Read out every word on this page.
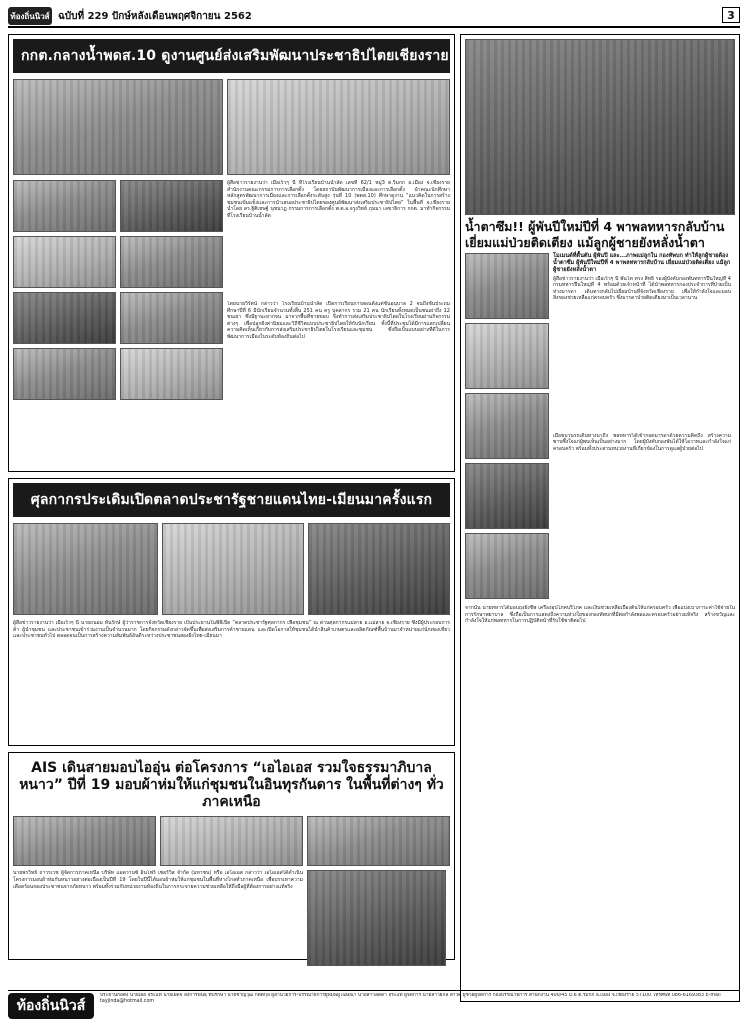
ท้องถิ่นนิวส์ ฉบับที่ 229 ปักษ์หลังเดือนพฤศจิกายน 2562	3
กกต.กลางน้ำพดส.10 ดูงานศูนย์ส่งเสริมพัฒนาประชาธิปไตยเชียงราย

ผู้สื่อข่าวรายงานว่า เมื่อเร็วๆ นี้ ที่โรงเรียนบ้านน้ำลัด เลขที่ 62/1 หมู่3 ต.ริมกก อ.เมือง จ.เชียงราย สำนักงานคณะกรรมการการเลือกตั้ง โดยสถาบันพัฒนาการเมืองและการเลือกตั้ง นำคณะนักศึกษาหลักสูตรพัฒนาการเมืองและการเลือกตั้งระดับสูง รุ่นที่ 10 (พตส.10) ศึกษาดูงาน “แนวคิดในการสร้างชุมชนเข้มแข็งและการนำเสนอประชาธิปไตยของศูนย์พัฒนาส่งเสริมประชาธิปไตย” ในพื้นที่ จ.เชียงราย นำโดย ดร.ฐิติเชษฐ์ นุชนาฏ กรรมการการเลือกตั้ง พ.ต.อ.จรูงวิทย์ ภุมมา เลขาธิการ กกต. มาทำกิจกรรมที่โรงเรียนบ้านน้ำลัด

โดยนายวิรัตน์ กล่าวว่า โรงเรียนบ้านน้ำลัด เปิดการเรียนการสอนตั้งแต่ชั้นอนุบาล 2 จนถึงชั้นประถมศึกษาปีที่ 6 มีนักเรียนจำนวนทั้งสิ้น 251 คน ครู บุคลากร รวม 21 คน นักเรียนทั้งหมดเป็นชนเผ่าถึง 12 ชนเผ่า ซึ่งมีฐานะยากจน มาจากพื้นที่ชายขอบ จึงทำการส่งเสริมประชาธิปไตยในโรงเรียนผ่านกิจกรรมต่างๆ เพื่อปลูกฝังค่านิยมและวิถีชีวิตแบบประชาธิปไตยให้กับนักเรียน ทั้งนี้ที่ประชุมได้มีการแลกเปลี่ยนความคิดเห็นเกี่ยวกับการส่งเสริมประชาธิปไตยในโรงเรียนและชุมชน ซึ่งถือเป็นแบบอย่างที่ดีในการพัฒนาการเมืองในระดับท้องถิ่นต่อไป

ศุลกากรประเดิมเปิดตลาดประชารัฐชายแดนไทย-เมียนมาครั้งแรก

ผู้สื่อข่าวรายงานว่า เมื่อเร็วๆ นี้ นายถนอม ทันรักษ์ ผู้ว่าราชการจังหวัดเชียงราย เป็นประธานในพิธีเปิด “ตลาดประชารัฐศุลกากร เพื่อชุมชน” ณ ด่านศุลกากรแม่สาย อ.แม่สาย จ.เชียงราย ซึ่งมีผู้ประกอบการค้า ผู้นำชุมชน และประชาชนเข้าร่วมงานเป็นจำนวนมาก โดยกิจกรรมดังกล่าวจัดขึ้นเพื่อส่งเสริมการค้าชายแดน และเปิดโอกาสให้ชุมชนได้นำสินค้าเกษตรและผลิตภัณฑ์พื้นบ้านมาจำหน่ายแก่นักท่องเที่ยวและประชาชนทั่วไป ตลอดจนเป็นการสร้างความสัมพันธ์อันดีระหว่างประชาชนสองฝั่งไทย-เมียนมา

AIS เดินสายมอบไออุ่น ต่อโครงการ “เอไอเอส รวมใจธรรมาภิบาลหนาว” ปีที่ 19 มอบผ้าห่มให้แก่ชุมชนในอินทุรกันดาร ในพื้นที่ต่างๆ ทั่วภาคเหนือ

นายพรวิทย์ ถาวรเวช ผู้จัดการภาคเหนือ บริษัท แอดวานซ์ อินโฟร์ เซอร์วิส จำกัด (มหาชน) หรือ เอไอเอส กล่าวว่า เอไอเอสได้ดำเนินโครงการมอบผ้าห่มกันหนาวอย่างต่อเนื่องเป็นปีที่ 19 โดยในปีนี้ได้มอบผ้าห่มให้แก่ชุมชนในพื้นที่ห่างไกลทั่วภาคเหนือ เพื่อบรรเทาความเดือดร้อนของประชาชนจากภัยหนาว พร้อมทั้งร่วมกับหน่วยงานท้องถิ่นในการกระจายความช่วยเหลือให้ถึงมือผู้ที่ต้องการอย่างแท้จริง

น้ำตาซึม!! ผู้พันปีใหม่ปีที่ 4 พาพลทหารกลับบ้าน เยี่ยมแม่ป่วยติดเตียง แม้ลูกผู้ชายยังหลั่งน้ำตา

โมเมนต์ที่ตื้นตัน ผู้พันปี และ...ภาพแม่ลูกใน กองทัพบก ทำให้ลูกผู้ชายต้องน้ำตาซึม ผู้พันปีใหม่ปีที่ 4 พาพลทหารกลับบ้าน เยี่ยมแม่ป่วยติดเตียง แม้ลูกผู้ชายยังหลั่งน้ำตา

ผู้สื่อข่าวรายงานว่า เมื่อเร็วๆ นี้ พันโท ทรง สิทธิ์ รองผู้บังคับกองพันทหารปืนใหญ่ที่ 4 กรมทหารปืนใหญ่ที่ 4 พร้อมด้วยเจ้าหน้าที่ ได้นำพลทหารกองประจำการที่ป่วยเป็นห่วงมารดา เดินทางกลับไปเยี่ยมบ้านที่จังหวัดเชียงราย เพื่อให้กำลังใจและมอบสิ่งของช่วยเหลือแก่ครอบครัว ซึ่งมารดาป่วยติดเตียงมาเป็นเวลานาน

เมื่อขบวนรถเดินทางมาถึง พลทหารได้เข้ากอดมารดาด้วยความคิดถึง สร้างความซาบซึ้งใจแก่ผู้พบเห็นเป็นอย่างมาก โดยผู้บังคับกองพันได้ให้โอวาทและกำลังใจแก่ครอบครัว พร้อมทั้งประสานหน่วยงานที่เกี่ยวข้องในการดูแลผู้ป่วยต่อไป

จากนั้น นายทหารได้มอบถุงยังชีพ เครื่องอุปโภคบริโภค และเงินช่วยเหลือเบื้องต้นให้แก่ครอบครัว เพื่อแบ่งเบาภาระค่าใช้จ่ายในการรักษาพยาบาล ซึ่งถือเป็นการแสดงถึงความห่วงใยของกองทัพบกที่มีต่อกำลังพลและครอบครัวอย่างแท้จริง สร้างขวัญและกำลังใจให้แก่พลทหารในการปฏิบัติหน้าที่รับใช้ชาติต่อไป

ท้องถิ่นนิวส์

ประธานก่อตั้ง นายเอื้อ จิระแท นายเผด็จ ลังการ์พินธุ์ ที่ปรึกษา นายชาญวุฒิ กิตติกุล ผู้อำนวยการ-บรรณาธิการผู้พิมพ์ผู้โฆษณา นายสาวลัดดา จิระแท ผู้จัดการ นายสาวยกล สาวดี ผู้ช่วยผู้จัดการ กองบรรณาธิการ สำนักงาน 400/45 ม.6 ต.ริมกก อ.เมือง จ.เชียงราย 57100 โทรศัพท์ 086-6169383 E-mail tayjinda@hotmail.com
